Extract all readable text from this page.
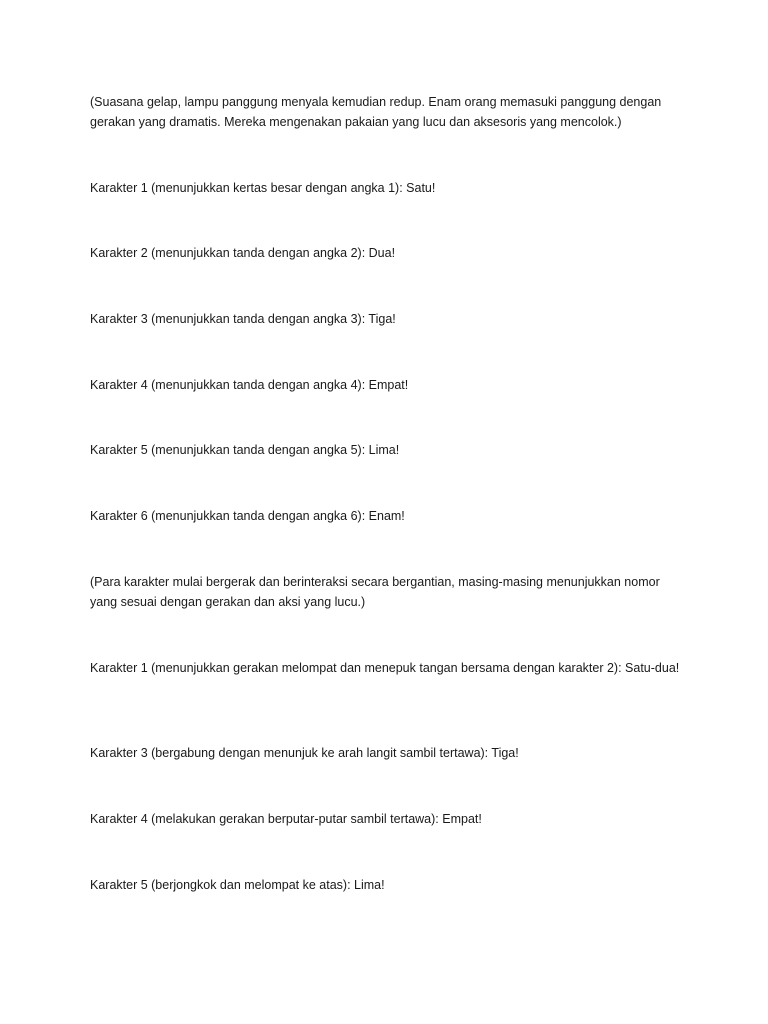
(Suasana gelap, lampu panggung menyala kemudian redup. Enam orang memasuki panggung dengan gerakan yang dramatis. Mereka mengenakan pakaian yang lucu dan aksesoris yang mencolok.)

Karakter 1 (menunjukkan kertas besar dengan angka 1): Satu!

Karakter 2 (menunjukkan tanda dengan angka 2): Dua!

Karakter 3 (menunjukkan tanda dengan angka 3): Tiga!

Karakter 4 (menunjukkan tanda dengan angka 4): Empat!

Karakter 5 (menunjukkan tanda dengan angka 5): Lima!

Karakter 6 (menunjukkan tanda dengan angka 6): Enam!

(Para karakter mulai bergerak dan berinteraksi secara bergantian, masing-masing menunjukkan nomor yang sesuai dengan gerakan dan aksi yang lucu.)

Karakter 1 (menunjukkan gerakan melompat dan menepuk tangan bersama dengan karakter 2): Satu-dua!

Karakter 3 (bergabung dengan menunjuk ke arah langit sambil tertawa): Tiga!

Karakter 4 (melakukan gerakan berputar-putar sambil tertawa): Empat!

Karakter 5 (berjongkok dan melompat ke atas): Lima!
